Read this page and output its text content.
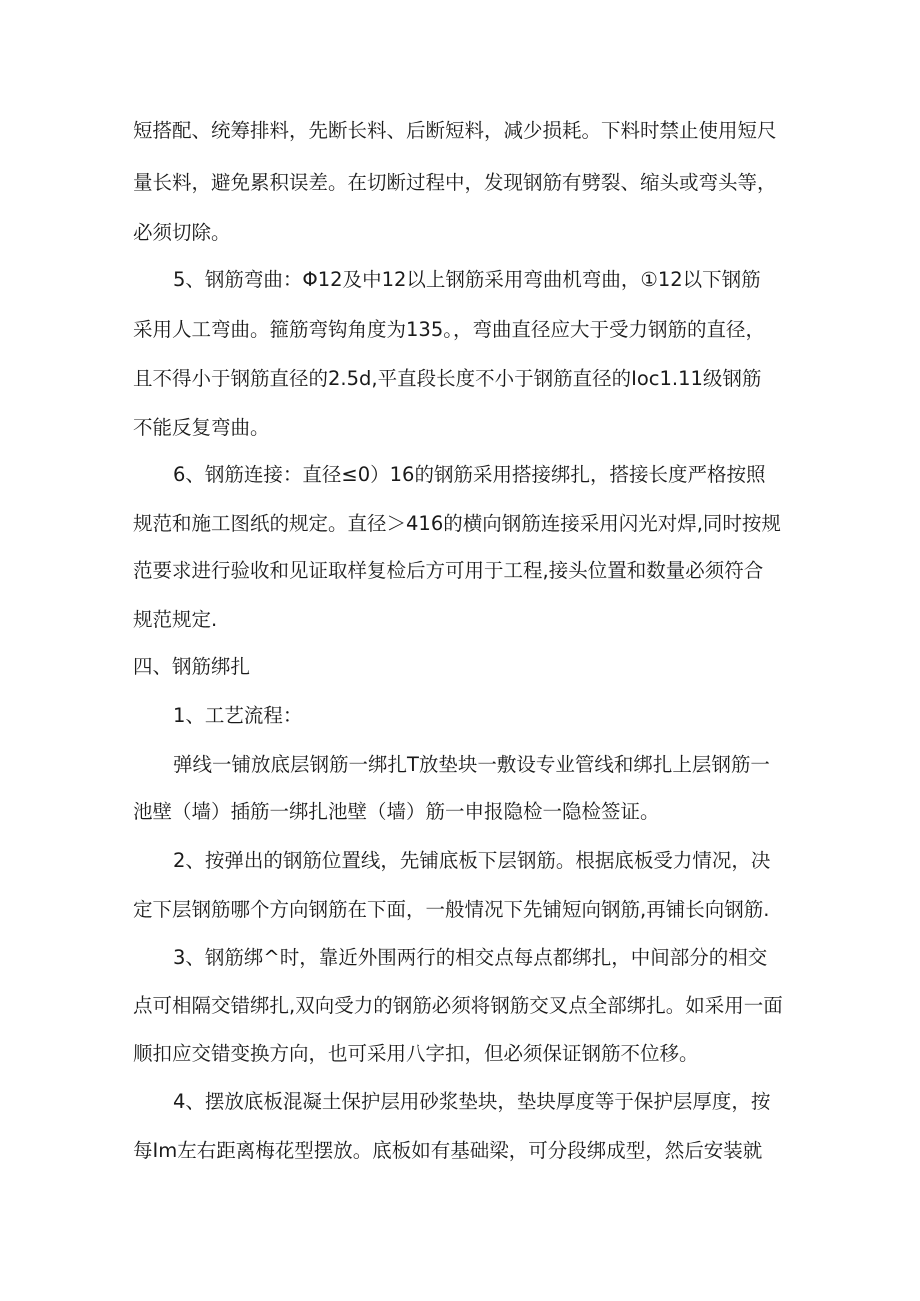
短搭配、统筹排料，先断长料、后断短料，减少损耗。下料时禁止使用短尺
量长料，避免累积误差。在切断过程中，发现钢筋有劈裂、缩头或弯头等，
必须切除。
5、钢筋弯曲：Φ12及中12以上钢筋采用弯曲机弯曲，①12以下钢筋
采用人工弯曲。箍筋弯钩角度为135。，弯曲直径应大于受力钢筋的直径，
且不得小于钢筋直径的2.5d,平直段长度不小于钢筋直径的Ioc1.11级钢筋
不能反复弯曲。
6、钢筋连接：直径≤0）16的钢筋采用搭接绑扎，搭接长度严格按照
规范和施工图纸的规定。直径＞416的横向钢筋连接采用闪光对焊,同时按规
范要求进行验收和见证取样复检后方可用于工程,接头位置和数量必须符合
规范规定.
四、钢筋绑扎
1、工艺流程：
弹线一铺放底层钢筋一绑扎T放垫块一敷设专业管线和绑扎上层钢筋一
池壁（墙）插筋一绑扎池壁（墙）筋一申报隐检一隐检签证。
2、按弹出的钢筋位置线，先铺底板下层钢筋。根据底板受力情况，决
定下层钢筋哪个方向钢筋在下面，一般情况下先铺短向钢筋,再铺长向钢筋.
3、钢筋绑^时，靠近外围两行的相交点每点都绑扎，中间部分的相交
点可相隔交错绑扎,双向受力的钢筋必须将钢筋交叉点全部绑扎。如采用一面
顺扣应交错变换方向，也可采用八字扣，但必须保证钢筋不位移。
4、摆放底板混凝土保护层用砂浆垫块，垫块厚度等于保护层厚度，按
每Im左右距离梅花型摆放。底板如有基础梁，可分段绑成型，然后安装就
